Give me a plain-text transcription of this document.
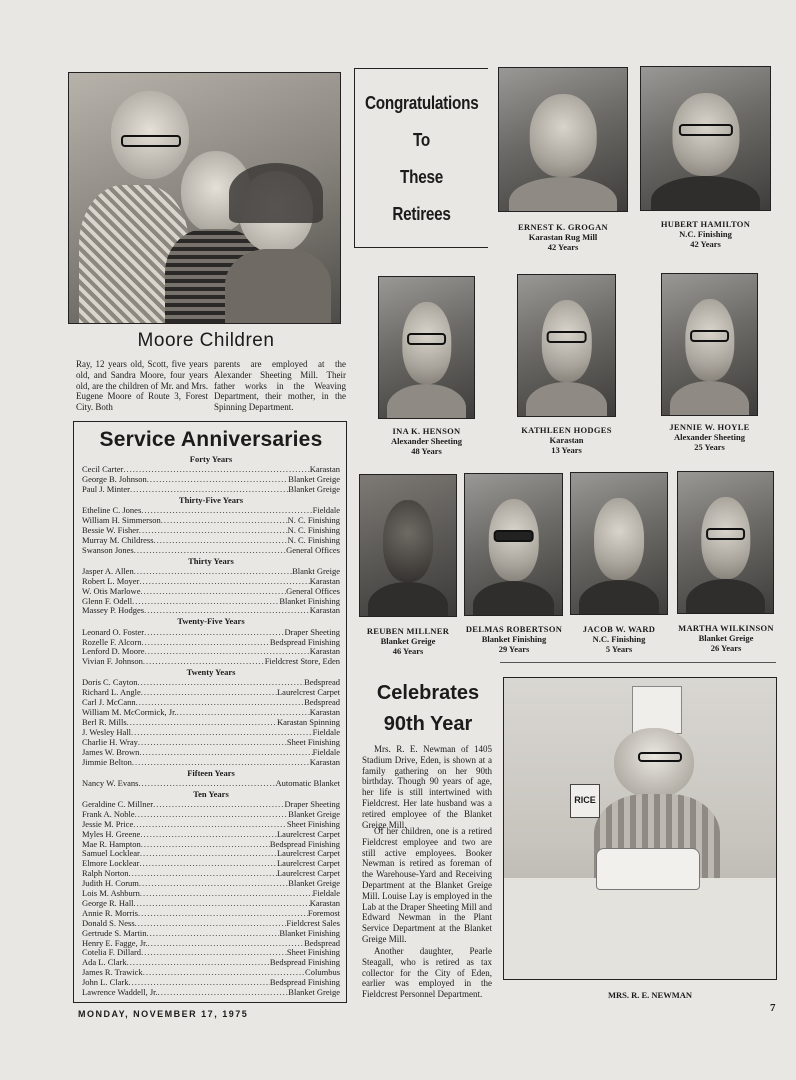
Moore Children

Ray, 12 years old, Scott, five years old, and Sandra Moore, four years old, are the children of Mr. and Mrs. Eugene Moore of Route 3, Forest City. Both

parents are employed at the Alexander Sheeting Mill. Their father works in the Weaving Department, their mother, in the Spinning Department.

Congratulations
To
These
Retirees
ERNEST K. GROGAN
Karastan Rug Mill
42 Years
HUBERT HAMILTON
N.C. Finishing
42 Years
INA K. HENSON
Alexander Sheeting
48 Years
KATHLEEN HODGES
Karastan
13 Years
JENNIE W. HOYLE
Alexander Sheeting
25 Years
REUBEN MILLNER
Blanket Greige
46 Years
DELMAS ROBERTSON
Blanket Finishing
29 Years
JACOB W. WARD
N.C. Finishing
5 Years
MARTHA WILKINSON
Blanket Greige
26 Years
Service Anniversaries
Forty Years
Cecil Carter .....	Karastan
George B. Johnson .....	Blanket Greige
Paul J. Minter .....	Blanket Greige
Thirty-Five Years
Etheline C. Jones .....	Fieldale
William H. Simmerson .....	N. C. Finishing
Bessie W. Fisher .....	N. C. Finishing
Murray M. Childress .....	N. C. Finishing
Swanson Jones .....	General Offices
Thirty Years
Jasper A. Allen .....	Blankt Greige
Robert L. Moyer .....	Karastan
W. Otis Marlowe .....	General Offices
Glenn F. Odell .....	Blanket Finishing
Massey P. Hodges .....	Karastan
Twenty-Five Years
Leonard O. Foster .....	Draper Sheeting
Rozelle F. Alcorn .....	Bedspread Finishing
Lenford D. Moore .....	Karastan
Vivian F. Johnson .....	Fieldcrest Store, Eden
Twenty Years
Doris C. Cayton .....	Bedspread
Richard L. Angle .....	Laurelcrest Carpet
Carl J. McCann .....	Bedspread
William M. McCormick, Jr. .....	Karastan
Berl R. Mills .....	Karastan Spinning
J. Wesley Hall .....	Fieldale
Charlie H. Wray .....	Sheet Finishing
James W. Brown .....	Fieldale
Jimmie Belton .....	Karastan
Fifteen Years
Nancy W. Evans .....	Automatic Blanket
Ten Years
Geraldine C. Millner .....	Draper Sheeting
Frank A. Noble .....	Blanket Greige
Jessie M. Price .....	Sheet Finishing
Myles H. Greene .....	Laurelcrest Carpet
Mae R. Hampton .....	Bedspread Finishing
Samuel Locklear .....	Laurelcrest Carpet
Elmore Locklear .....	Laurelcrest Carpet
Ralph Norton .....	Laurelcrest Carpet
Judith H. Corum .....	Blanket Greige
Lois M. Ashburn .....	Fieldale
George R. Hall .....	Karastan
Annie R. Morris .....	Foremost
Donald S. Ness .....	Fieldcrest Sales
Gertrude S. Martin .....	Blanket Finishing
Henry E. Fagge, Jr. .....	Bedspread
Cotelia F. Dillard .....	Sheet Finishing
Ada L. Clark .....	Bedspread Finishing
James R. Trawick .....	Columbus
John L. Clark .....	Bedspread Finishing
Lawrence Waddell, Jr. .....	Blanket Greige
Celebrates
90th Year

Mrs. R. E. Newman of 1405 Stadium Drive, Eden, is shown at a family gathering on her 90th birthday. Though 90 years of age, her life is still intertwined with Fieldcrest. Her late husband was a retired employee of the Blanket Greige Mill.

Of her children, one is a retired Fieldcrest employee and two are still active employees. Booker Newman is retired as foreman of the Warehouse-Yard and Receiving Department at the Blanket Greige Mill. Louise Lay is employed in the Lab at the Draper Sheeting Mill and Edward Newman in the Plant Service Department at the Blanket Greige Mill.

Another daughter, Pearle Steagall, who is retired as tax collector for the City of Eden, earlier was employed in the Fieldcrest Personnel Department.

RICE
MRS. R. E. NEWMAN
MONDAY, NOVEMBER 17, 1975	7
